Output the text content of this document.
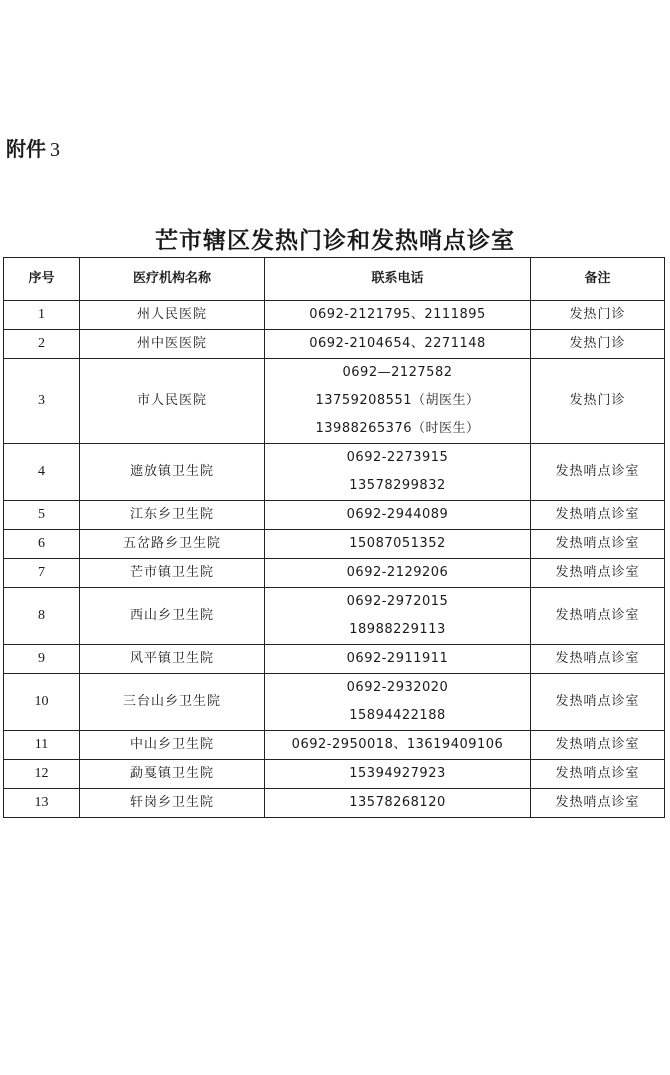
附件 3
芒市辖区发热门诊和发热哨点诊室
序号	医疗机构名称	联系电话	备注
1	州人民医院	0692-2121795、2111895	发热门诊
2	州中医医院	0692-2104654、2271148	发热门诊
3	市人民医院	0692—2127582
13759208551（胡医生）
13988265376（时医生）	发热门诊
4	遮放镇卫生院	0692-2273915
13578299832	发热哨点诊室
5	江东乡卫生院	0692-2944089	发热哨点诊室
6	五岔路乡卫生院	15087051352	发热哨点诊室
7	芒市镇卫生院	0692-2129206	发热哨点诊室
8	西山乡卫生院	0692-2972015
18988229113	发热哨点诊室
9	风平镇卫生院	0692-2911911	发热哨点诊室
10	三台山乡卫生院	0692-2932020
15894422188	发热哨点诊室
11	中山乡卫生院	0692-2950018、13619409106	发热哨点诊室
12	勐戛镇卫生院	15394927923	发热哨点诊室
13	轩岗乡卫生院	13578268120	发热哨点诊室
